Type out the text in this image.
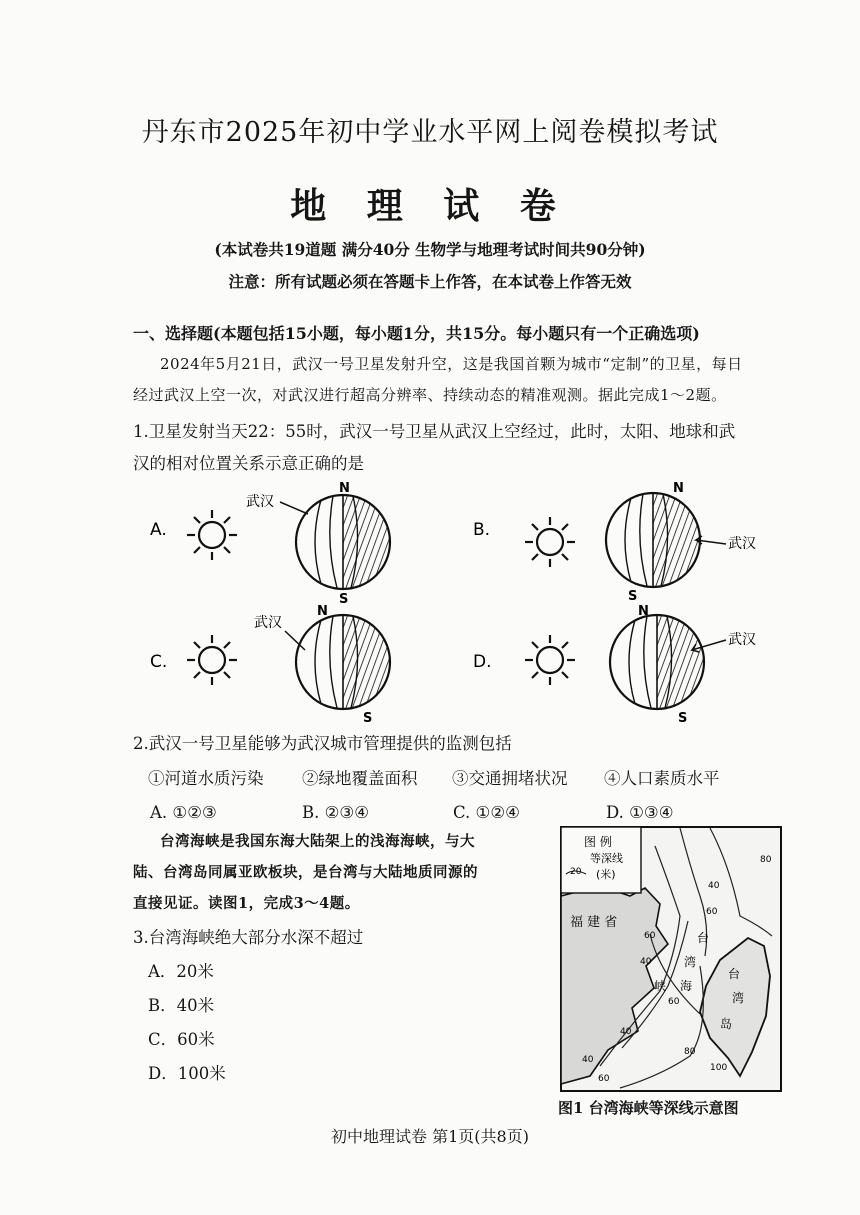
丹东市2025年初中学业水平网上阅卷模拟考试
地 理 试 卷
(本试卷共19道题 满分40分 生物学与地理考试时间共90分钟)
注意：所有试题必须在答题卡上作答，在本试卷上作答无效
一、选择题(本题包括15小题，每小题1分，共15分。每小题只有一个正确选项)
2024年5月21日，武汉一号卫星发射升空，这是我国首颗为城市“定制”的卫星，每日
经过武汉上空一次，对武汉进行超高分辨率、持续动态的精准观测。据此完成1～2题。
1.卫星发射当天22：55时，武汉一号卫星从武汉上空经过，此时，太阳、地球和武
汉的相对位置关系示意正确的是
A.
N
S
武汉
B.
N
S
武汉
C.
N
S
武汉
D.
N
S
武汉
2.武汉一号卫星能够为武汉城市管理提供的监测包括
①河道水质污染 ②绿地覆盖面积 ③交通拥堵状况 ④人口素质水平
A. ①②③	B. ②③④	C. ①②④	D. ①③④
台湾海峡是我国东海大陆架上的浅海海峡，与大
陆、台湾岛同属亚欧板块，是台湾与大陆地质同源的
直接见证。读图1，完成3～4题。
3.台湾海峡绝大部分水深不超过
A．20米
B．40米
C．60米
D．100米
图 例
等深线
(米)
20
福 建 省
台
湾
海
峡
台
湾
岛
80
60
40
60
40
40
60
80
40
60
100
图1 台湾海峡等深线示意图
初中地理试卷 第1页(共8页)
